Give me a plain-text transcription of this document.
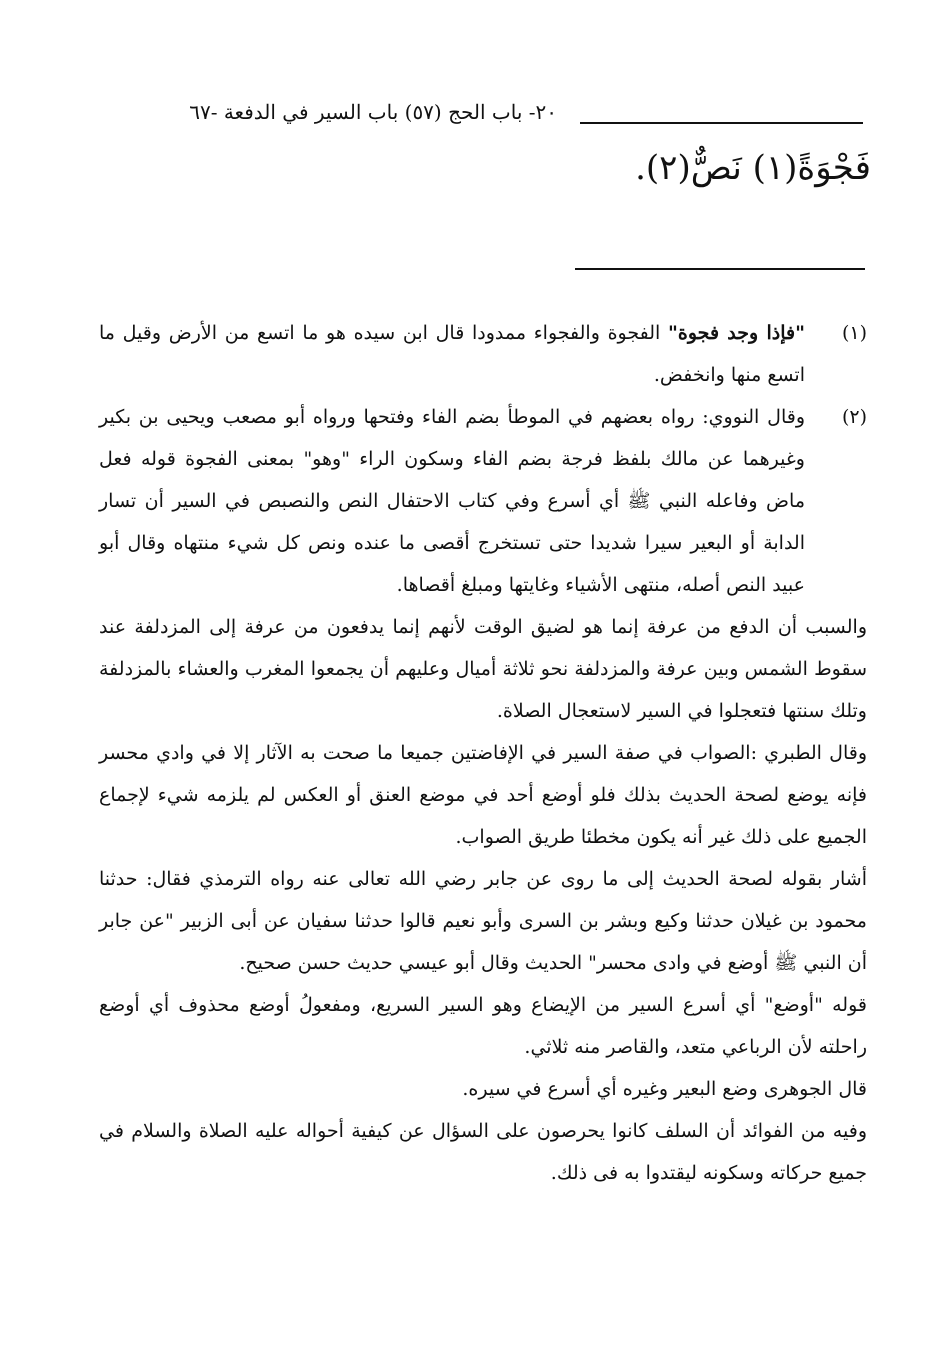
٢٠- باب الحج (٥٧) باب السير في الدفعة -٦٧
فَجْوَةً(١) نَصٌّ(٢).
(١)

"فإذا وجد فجوة" الفجوة والفجواء ممدودا قال ابن سيده هو ما اتسع من الأرض وقيل ما اتسع منها وانخفض.

(٢)

وقال النووي: رواه بعضهم في الموطأ بضم الفاء وفتحها ورواه أبو مصعب ويحيى بن بكير وغيرهما عن مالك بلفظ فرجة بضم الفاء وسكون الراء "وهو" بمعنى الفجوة قوله فعل ماض وفاعله النبي ﷺ أي أسرع وفي كتاب الاحتفال النص والنصبص في السير أن تسار الدابة أو البعير سيرا شديدا حتى تستخرج أقصى ما عنده ونص كل شيء منتهاه وقال أبو عبيد النص أصله، منتهى الأشياء وغايتها ومبلغ أقصاها.

والسبب أن الدفع من عرفة إنما هو لضيق الوقت لأنهم إنما يدفعون من عرفة إلى المزدلفة عند سقوط الشمس وبين عرفة والمزدلفة نحو ثلاثة أميال وعليهم أن يجمعوا المغرب والعشاء بالمزدلفة وتلك سنتها فتعجلوا في السير لاستعجال الصلاة.

وقال الطبري :الصواب في صفة السير في الإفاضتين جميعا ما صحت به الآثار إلا في وادي محسر فإنه يوضع لصحة الحديث بذلك فلو أوضع أحد في موضع العنق أو العكس لم يلزمه شيء لإجماع الجميع على ذلك غير أنه يكون مخطئا طريق الصواب.

أشار بقوله لصحة الحديث إلى ما روى عن جابر رضي الله تعالى عنه رواه الترمذي فقال: حدثنا محمود بن غيلان حدثنا وكيع وبشر بن السرى وأبو نعيم قالوا حدثنا سفيان عن أبى الزبير "عن جابر أن النبي ﷺ أوضع في وادى محسر" الحديث وقال أبو عيسي حديث حسن صحيح.

قوله "أوضع" أي أسرع السير من الإيضاع وهو السير السريع، ومفعولُ أوضع محذوف أي أوضع راحلته لأن الرباعي متعد، والقاصر منه ثلاثي.

قال الجوهرى وضع البعير وغيره أي أسرع في سيره.

وفيه من الفوائد أن السلف كانوا يحرصون على السؤال عن كيفية أحواله عليه الصلاة والسلام في جميع حركاته وسكونه ليقتدوا به فى ذلك.
